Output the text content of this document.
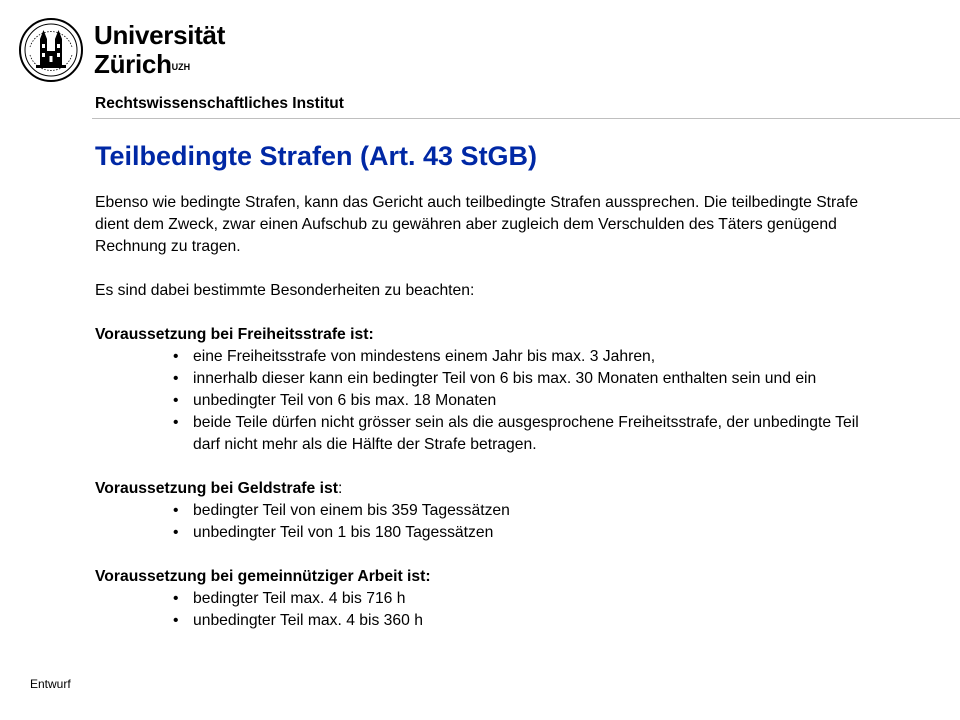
Universität
Zürich$^{UZH}$
Rechtswissenschaftliches Institut
Teilbedingte Strafen (Art. 43 StGB)

Ebenso wie bedingte Strafen, kann das Gericht auch teilbedingte Strafen aussprechen. Die teilbedingte Strafe dient dem Zweck, zwar einen Aufschub zu gewähren aber zugleich dem Verschulden des Täters genügend Rechnung zu tragen.

Es sind dabei bestimmte Besonderheiten zu beachten:

Voraussetzung bei Freiheitsstrafe ist:

• eine Freiheitsstrafe von mindestens einem Jahr bis max. 3 Jahren,
• innerhalb dieser kann ein bedingter Teil von 6 bis max. 30 Monaten enthalten sein und ein
• unbedingter Teil von 6 bis max. 18 Monaten
• beide Teile dürfen nicht grösser sein als die ausgesprochene Freiheitsstrafe, der unbedingte Teil darf nicht mehr als die Hälfte der Strafe betragen.

Voraussetzung bei Geldstrafe ist:

• bedingter Teil von einem bis 359 Tagessätzen
• unbedingter Teil von 1 bis 180 Tagessätzen

Voraussetzung bei gemeinnütziger Arbeit ist:

• bedingter Teil max. 4 bis 716 h
• unbedingter Teil max. 4 bis 360 h
Entwurf
